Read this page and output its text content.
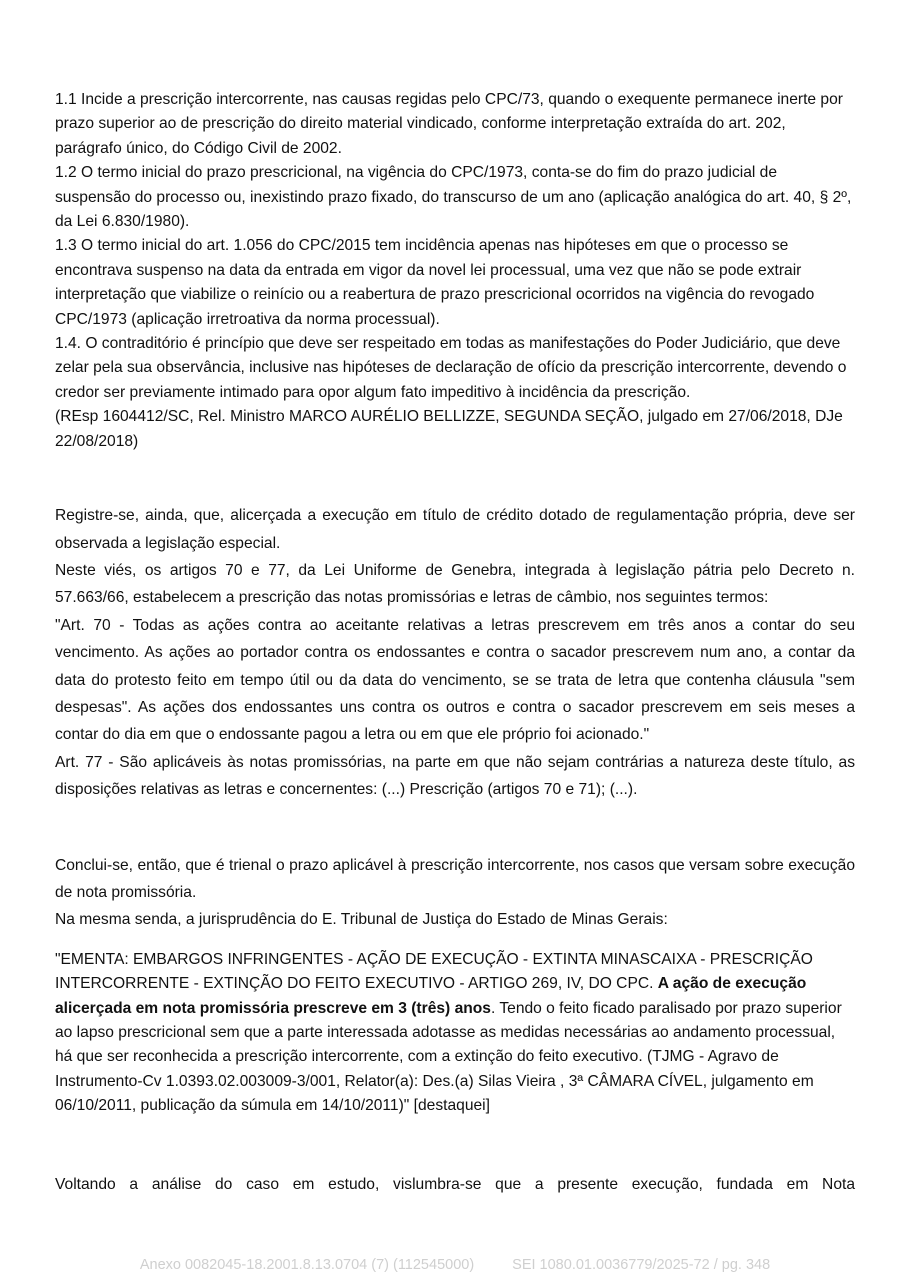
1.1 Incide a prescrição intercorrente, nas causas regidas pelo CPC/73, quando o exequente permanece inerte por prazo superior ao de prescrição do direito material vindicado, conforme interpretação extraída do art. 202, parágrafo único, do Código Civil de 2002.

1.2 O termo inicial do prazo prescricional, na vigência do CPC/1973, conta-se do fim do prazo judicial de suspensão do processo ou, inexistindo prazo fixado, do transcurso de um ano (aplicação analógica do art. 40, § 2º, da Lei 6.830/1980).

1.3 O termo inicial do art. 1.056 do CPC/2015 tem incidência apenas nas hipóteses em que o processo se encontrava suspenso na data da entrada em vigor da novel lei processual, uma vez que não se pode extrair interpretação que viabilize o reinício ou a reabertura de prazo prescricional ocorridos na vigência do revogado CPC/1973 (aplicação irretroativa da norma processual).

1.4. O contraditório é princípio que deve ser respeitado em todas as manifestações do Poder Judiciário, que deve zelar pela sua observância, inclusive nas hipóteses de declaração de ofício da prescrição intercorrente, devendo o credor ser previamente intimado para opor algum fato impeditivo à incidência da prescrição.

(REsp 1604412/SC, Rel. Ministro MARCO AURÉLIO BELLIZZE, SEGUNDA SEÇÃO, julgado em 27/06/2018, DJe 22/08/2018)

Registre-se, ainda, que, alicerçada a execução em título de crédito dotado de regulamentação própria, deve ser observada a legislação especial.

Neste viés, os artigos 70 e 77, da Lei Uniforme de Genebra, integrada à legislação pátria pelo Decreto n. 57.663/66, estabelecem a prescrição das notas promissórias e letras de câmbio, nos seguintes termos:

"Art. 70 - Todas as ações contra ao aceitante relativas a letras prescrevem em três anos a contar do seu vencimento. As ações ao portador contra os endossantes e contra o sacador prescrevem num ano, a contar da data do protesto feito em tempo útil ou da data do vencimento, se se trata de letra que contenha cláusula "sem despesas". As ações dos endossantes uns contra os outros e contra o sacador prescrevem em seis meses a contar do dia em que o endossante pagou a letra ou em que ele próprio foi acionado."

Art. 77 - São aplicáveis às notas promissórias, na parte em que não sejam contrárias a natureza deste título, as disposições relativas as letras e concernentes: (...) Prescrição (artigos 70 e 71); (...).

Conclui-se, então, que é trienal o prazo aplicável à prescrição intercorrente, nos casos que versam sobre execução de nota promissória.

Na mesma senda, a jurisprudência do E. Tribunal de Justiça do Estado de Minas Gerais:

"EMENTA: EMBARGOS INFRINGENTES - AÇÃO DE EXECUÇÃO - EXTINTA MINASCAIXA - PRESCRIÇÃO INTERCORRENTE - EXTINÇÃO DO FEITO EXECUTIVO - ARTIGO 269, IV, DO CPC. A ação de execução alicerçada em nota promissória prescreve em 3 (três) anos. Tendo o feito ficado paralisado por prazo superior ao lapso prescricional sem que a parte interessada adotasse as medidas necessárias ao andamento processual, há que ser reconhecida a prescrição intercorrente, com a extinção do feito executivo. (TJMG - Agravo de Instrumento-Cv 1.0393.02.003009-3/001, Relator(a): Des.(a) Silas Vieira , 3ª CÂMARA CÍVEL, julgamento em 06/10/2011, publicação da súmula em 14/10/2011)" [destaquei]

Voltando a análise do caso em estudo, vislumbra-se que a presente execução, fundada em Nota
Anexo 0082045-18.2001.8.13.0704 (7) (112545000)	SEI 1080.01.0036779/2025-72 / pg. 348
